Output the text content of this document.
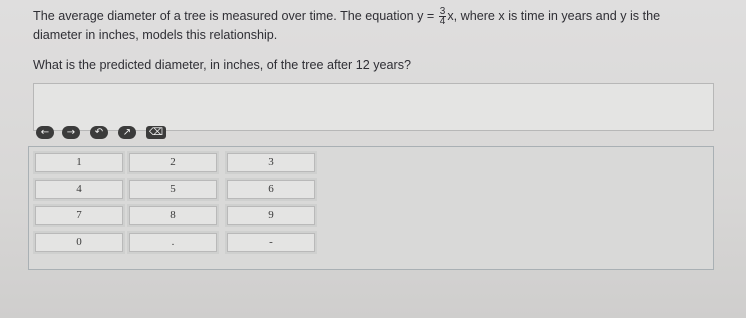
The average diameter of a tree is measured over time. The equation $y = \frac{3}{4} x$, where x is time in years and y is the
diameter in inches, models this relationship.
What is the predicted diameter, in inches, of the tree after 12 years?
←	→	↶	↗	⌫
1	2	3
4	5	6
7	8	9
0	.	-
